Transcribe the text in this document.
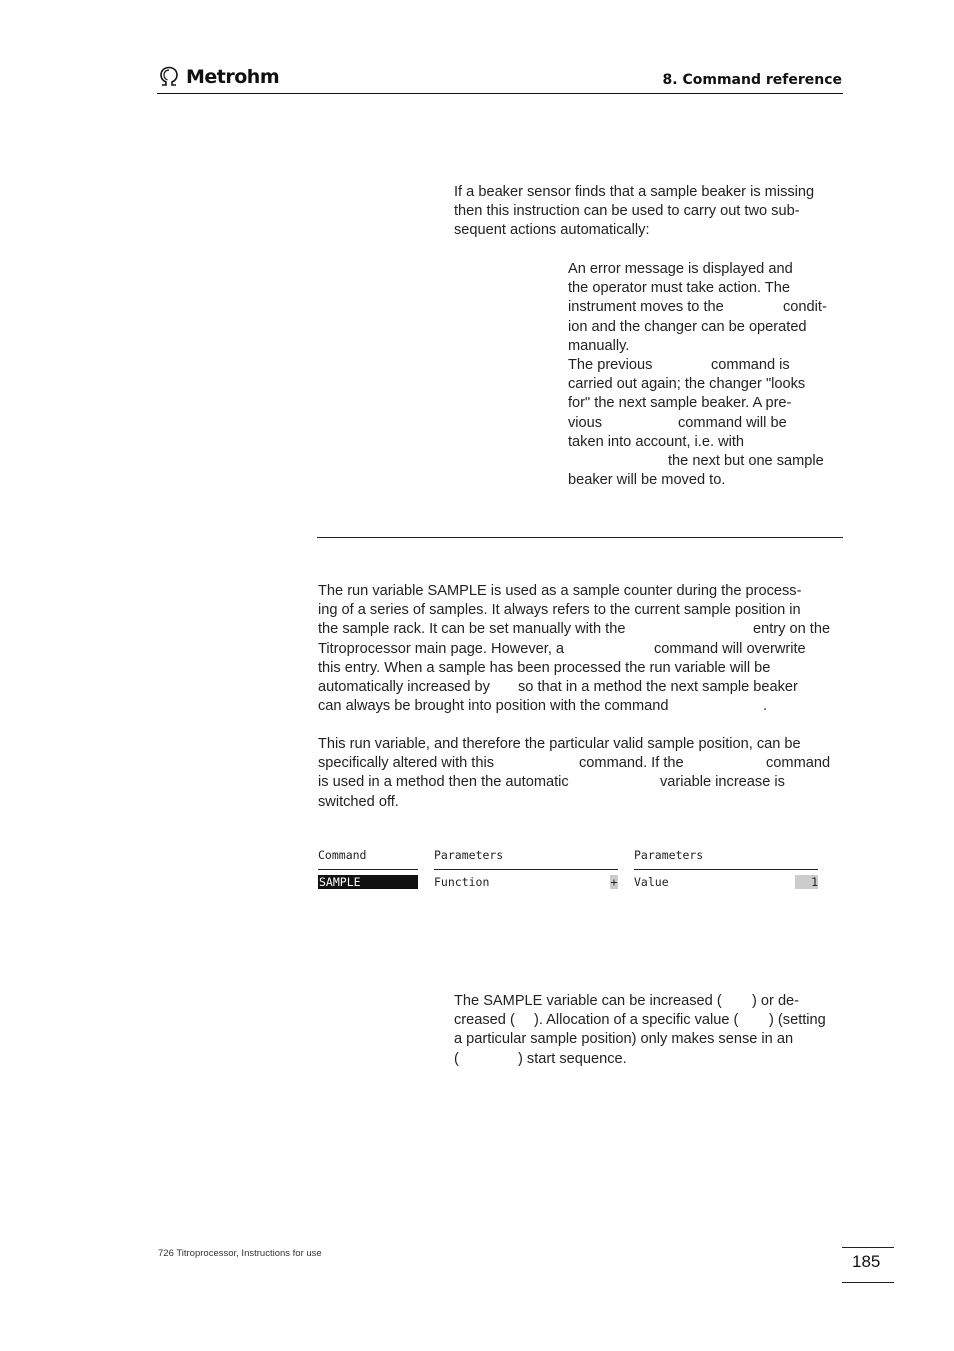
Metrohm	8. Command reference
If a beaker sensor finds that a sample beaker is missing
then this instruction can be used to carry out two sub-
sequent actions automatically:
An error message is displayed and
the operator must take action. The
instrument moves to the	condit-
ion and the changer can be operated
manually.
The previous	command is
carried out again; the changer "looks
for" the next sample beaker. A pre-
vious	command will be
taken into account, i.e. with
the next but one sample
beaker will be moved to.
The run variable SAMPLE is used as a sample counter during the process-
ing of a series of samples. It always refers to the current sample position in
the sample rack. It can be set manually with the	entry on the
Titroprocessor main page. However, a	command will overwrite
this entry. When a sample has been processed the run variable will be
automatically increased by so that in a method the next sample beaker
can always be brought into position with the command	.
This run variable, and therefore the particular valid sample position, can be
specifically altered with this	command. If the	command
is used in a method then the automatic	variable increase is
switched off.
Command	Parameters	Parameters
SAMPLE	Function	+ Value	1
The SAMPLE variable can be increased ( ) or de-
creased ( ). Allocation of a specific value ( ) (setting
a particular sample position) only makes sense in an
(	) start sequence.
726 Titroprocessor, Instructions for use	185
